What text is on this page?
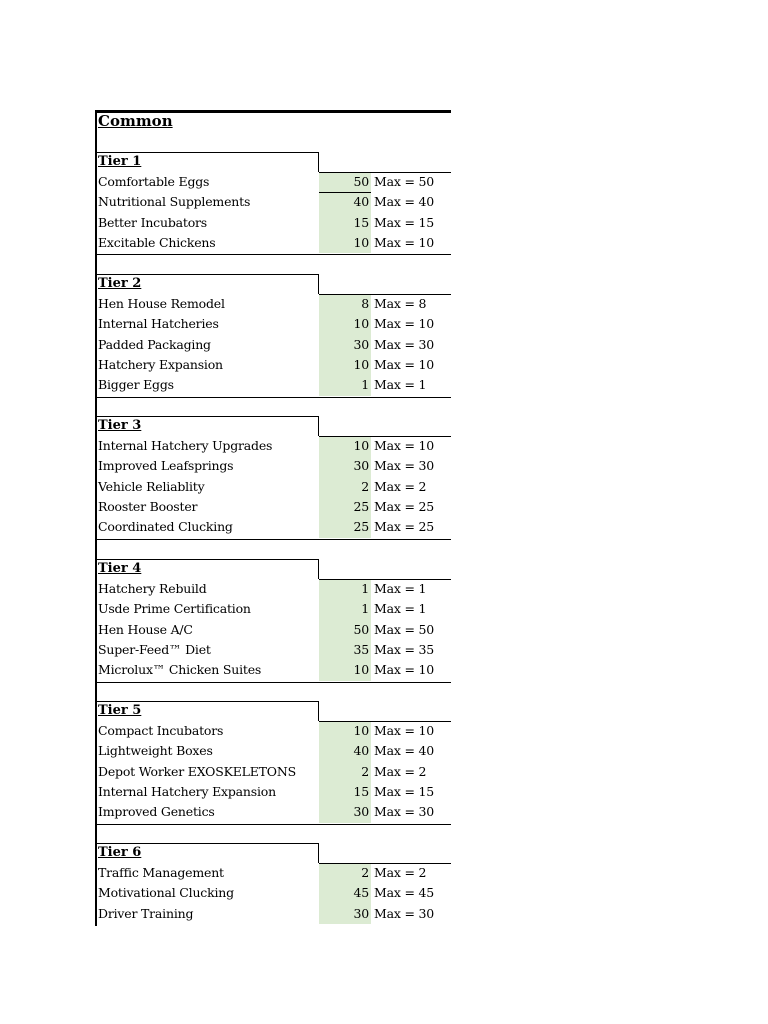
Common
Tier 1
Comfortable Eggs	50 Max = 50
Nutritional Supplements	40 Max = 40
Better Incubators	15 Max = 15
Excitable Chickens	10 Max = 10
Tier 2
Hen House Remodel	8 Max = 8
Internal Hatcheries	10 Max = 10
Padded Packaging	30 Max = 30
Hatchery Expansion	10 Max = 10
Bigger Eggs	1 Max = 1
Tier 3
Internal Hatchery Upgrades	10 Max = 10
Improved Leafsprings	30 Max = 30
Vehicle Reliablity	2 Max = 2
Rooster Booster	25 Max = 25
Coordinated Clucking	25 Max = 25
Tier 4
Hatchery Rebuild	1 Max = 1
Usde Prime Certification	1 Max = 1
Hen House A/C	50 Max = 50
Super-Feed™ Diet	35 Max = 35
Microlux™ Chicken Suites	10 Max = 10
Tier 5
Compact Incubators	10 Max = 10
Lightweight Boxes	40 Max = 40
Depot Worker EXOSKELETONS	2 Max = 2
Internal Hatchery Expansion	15 Max = 15
Improved Genetics	30 Max = 30
Tier 6
Traffic Management	2 Max = 2
Motivational Clucking	45 Max = 45
Driver Training	30 Max = 30
